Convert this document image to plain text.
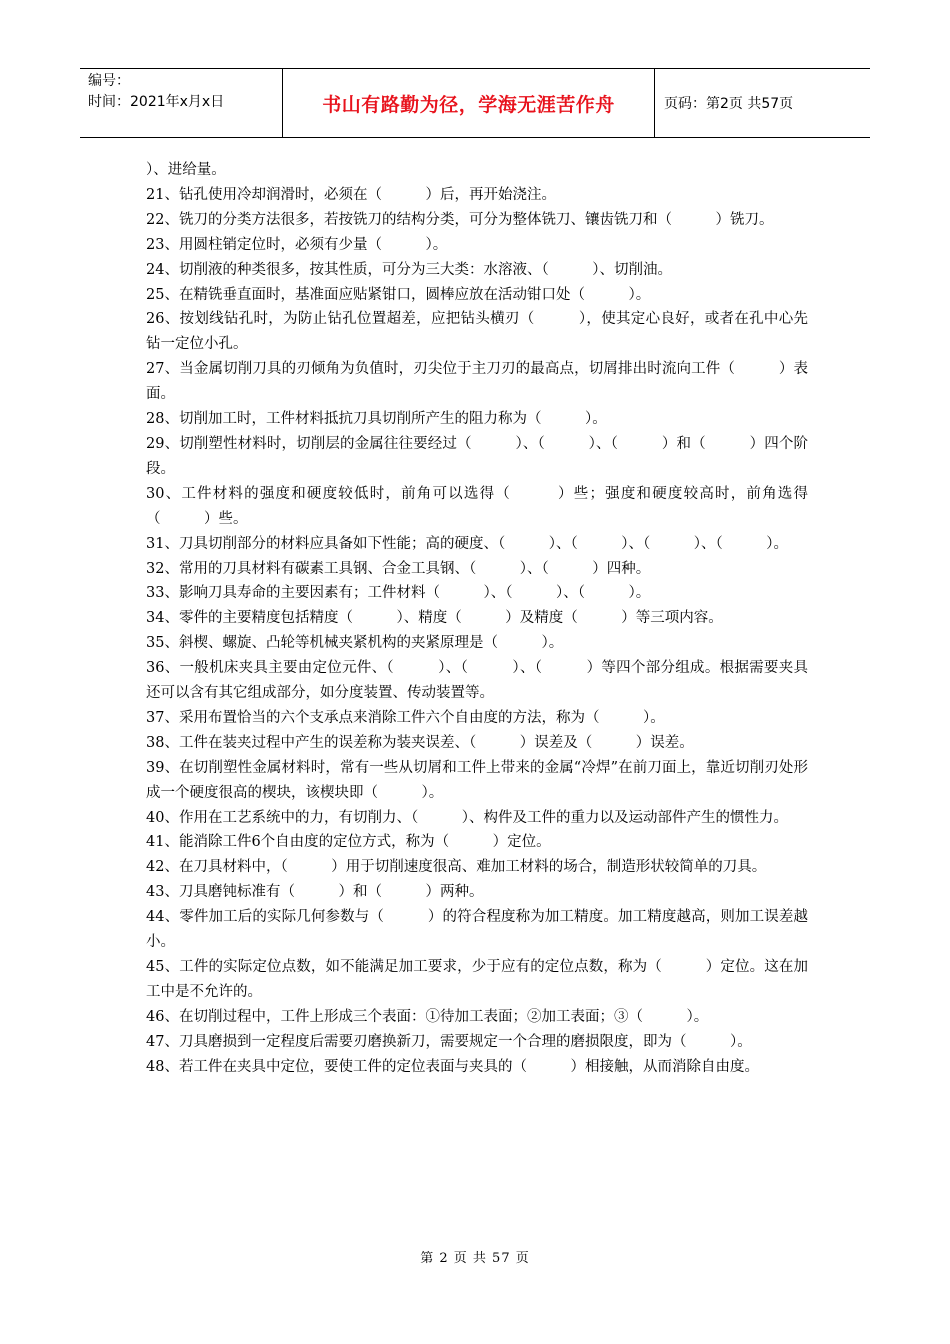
编号：
时间：2021年x月x日	书山有路勤为径，学海无涯苦作舟	页码：第2页 共57页

）、进给量。

21、钻孔使用冷却润滑时，必须在（　　　）后，再开始浇注。

22、铣刀的分类方法很多，若按铣刀的结构分类，可分为整体铣刀、镶齿铣刀和（　　　）铣刀。

23、用圆柱销定位时，必须有少量（　　　）。

24、切削液的种类很多，按其性质，可分为三大类：水溶液、（　　　）、切削油。

25、在精铣垂直面时，基准面应贴紧钳口，圆棒应放在活动钳口处（　　　）。

26、按划线钻孔时，为防止钻孔位置超差，应把钻头横刃（　　　），使其定心良好，或者在孔中心先钻一定位小孔。

27、当金属切削刀具的刃倾角为负值时，刃尖位于主刀刃的最高点，切屑排出时流向工件（　　　）表面。

28、切削加工时，工件材料抵抗刀具切削所产生的阻力称为（　　　）。

29、切削塑性材料时，切削层的金属往往要经过（　　　）、（　　　）、（　　　）和（　　　）四个阶段。

30、工件材料的强度和硬度较低时，前角可以选得（　　　）些；强度和硬度较高时，前角选得（　　　）些。

31、刀具切削部分的材料应具备如下性能；高的硬度、（　　　）、（　　　）、（　　　）、（　　　）。

32、常用的刀具材料有碳素工具钢、合金工具钢、（　　　）、（　　　）四种。

33、影响刀具寿命的主要因素有；工件材料（　　　）、（　　　）、（　　　）。

34、零件的主要精度包括精度（　　　）、精度（　　　）及精度（　　　）等三项内容。

35、斜楔、螺旋、凸轮等机械夹紧机构的夹紧原理是（　　　）。

36、一般机床夹具主要由定位元件、（　　　）、（　　　）、（　　　）等四个部分组成。根据需要夹具还可以含有其它组成部分，如分度装置、传动装置等。

37、采用布置恰当的六个支承点来消除工件六个自由度的方法，称为（　　　）。

38、工件在装夹过程中产生的误差称为装夹误差、（　　　）误差及（　　　）误差。

39、在切削塑性金属材料时，常有一些从切屑和工件上带来的金属“冷焊”在前刀面上，靠近切削刃处形成一个硬度很高的楔块，该楔块即（　　　）。

40、作用在工艺系统中的力，有切削力、（　　　）、构件及工件的重力以及运动部件产生的惯性力。

41、能消除工件6个自由度的定位方式，称为（　　　）定位。

42、在刀具材料中，（　　　）用于切削速度很高、难加工材料的场合，制造形状较简单的刀具。

43、刀具磨钝标准有（　　　）和（　　　）两种。

44、零件加工后的实际几何参数与（　　　）的符合程度称为加工精度。加工精度越高，则加工误差越小。

45、工件的实际定位点数，如不能满足加工要求，少于应有的定位点数，称为（　　　）定位。这在加工中是不允许的。

46、在切削过程中，工件上形成三个表面：①待加工表面；②加工表面；③（　　　）。

47、刀具磨损到一定程度后需要刃磨换新刀，需要规定一个合理的磨损限度，即为（　　　）。

48、若工件在夹具中定位，要使工件的定位表面与夹具的（　　　）相接触，从而消除自由度。

第 2 页 共 57 页
